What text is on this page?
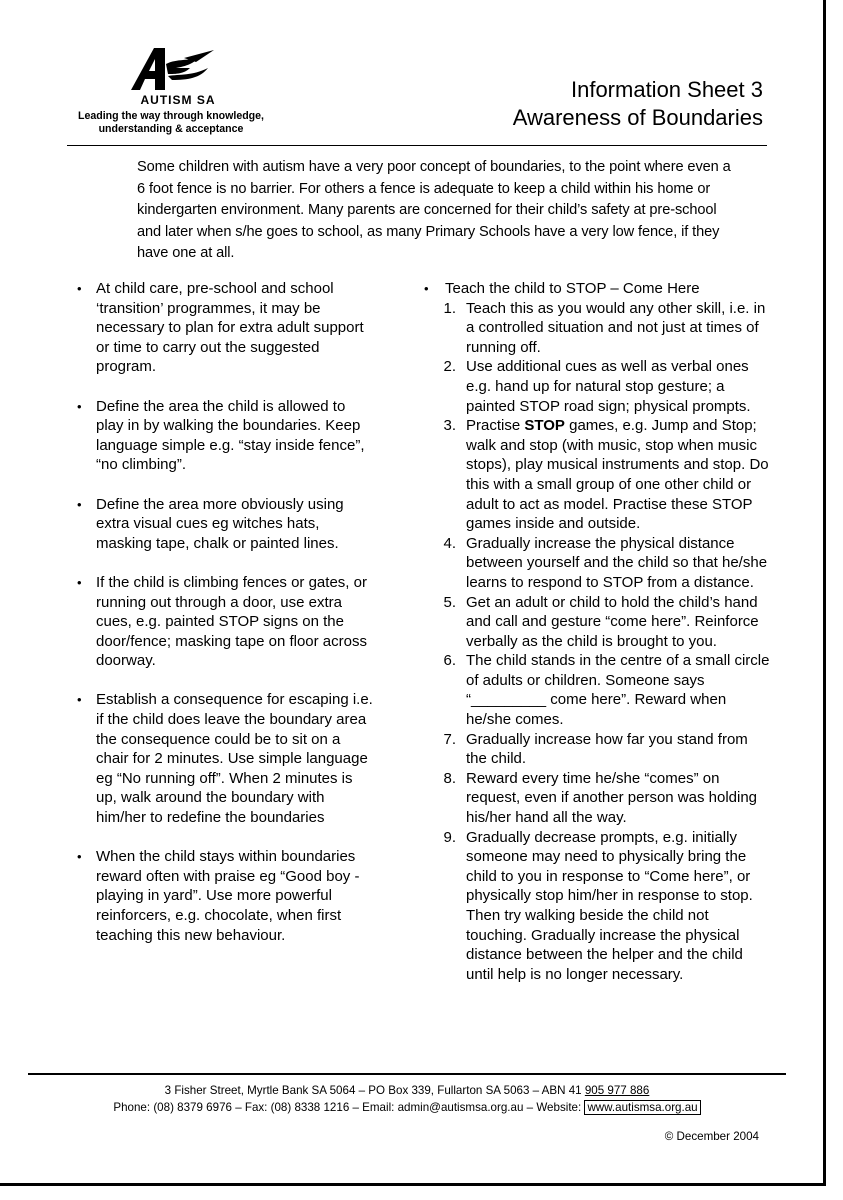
AUTISM SA
Leading the way through knowledge,
understanding & acceptance
Information Sheet 3
Awareness of Boundaries

Some children with autism have a very poor concept of boundaries, to the point where even a 6 foot fence is no barrier. For others a fence is adequate to keep a child within his home or kindergarten environment. Many parents are concerned for their child’s safety at pre-school and later when s/he goes to school, as many Primary Schools have a very low fence, if they have one at all.

• At child care, pre-school and school ‘transition’ programmes, it may be necessary to plan for extra adult support or time to carry out the suggested program.
• Define the area the child is allowed to play in by walking the boundaries. Keep language simple e.g. “stay inside fence”, “no climbing”.
• Define the area more obviously using extra visual cues eg witches hats, masking tape, chalk or painted lines.
• If the child is climbing fences or gates, or running out through a door, use extra cues, e.g. painted STOP signs on the door/fence; masking tape on floor across doorway.
• Establish a consequence for escaping i.e. if the child does leave the boundary area the consequence could be to sit on a chair for 2 minutes. Use simple language eg “No running off”. When 2 minutes is up, walk around the boundary with him/her to redefine the boundaries
• When the child stays within boundaries reward often with praise eg “Good boy - playing in yard”. Use more powerful reinforcers, e.g. chocolate, when first teaching this new behaviour.
• Teach the child to STOP – Come Here
1. Teach this as you would any other skill, i.e. in a controlled situation and not just at times of running off.
2. Use additional cues as well as verbal ones e.g. hand up for natural stop gesture; a painted STOP road sign; physical prompts.
3. Practise STOP games, e.g. Jump and Stop; walk and stop (with music, stop when music stops), play musical instruments and stop. Do this with a small group of one other child or adult to act as model. Practise these STOP games inside and outside.
4. Gradually increase the physical distance between yourself and the child so that he/she learns to respond to STOP from a distance.
5. Get an adult or child to hold the child’s hand and call and gesture “come here”. Reinforce verbally as the child is brought to you.
6. The child stands in the centre of a small circle of adults or children. Someone says “_________ come here”. Reward when he/she comes.
7. Gradually increase how far you stand from the child.
8. Reward every time he/she “comes” on request, even if another person was holding his/her hand all the way.
9. Gradually decrease prompts, e.g. initially someone may need to physically bring the child to you in response to “Come here”, or physically stop him/her in response to stop. Then try walking beside the child not touching. Gradually increase the physical distance between the helper and the child until help is no longer necessary.
3 Fisher Street, Myrtle Bank SA 5064 – PO Box 339, Fullarton SA 5063 – ABN 41 905 977 886
Phone: (08) 8379 6976 – Fax: (08) 8338 1216 – Email: admin@autismsa.org.au – Website: www.autismsa.org.au
© December 2004
